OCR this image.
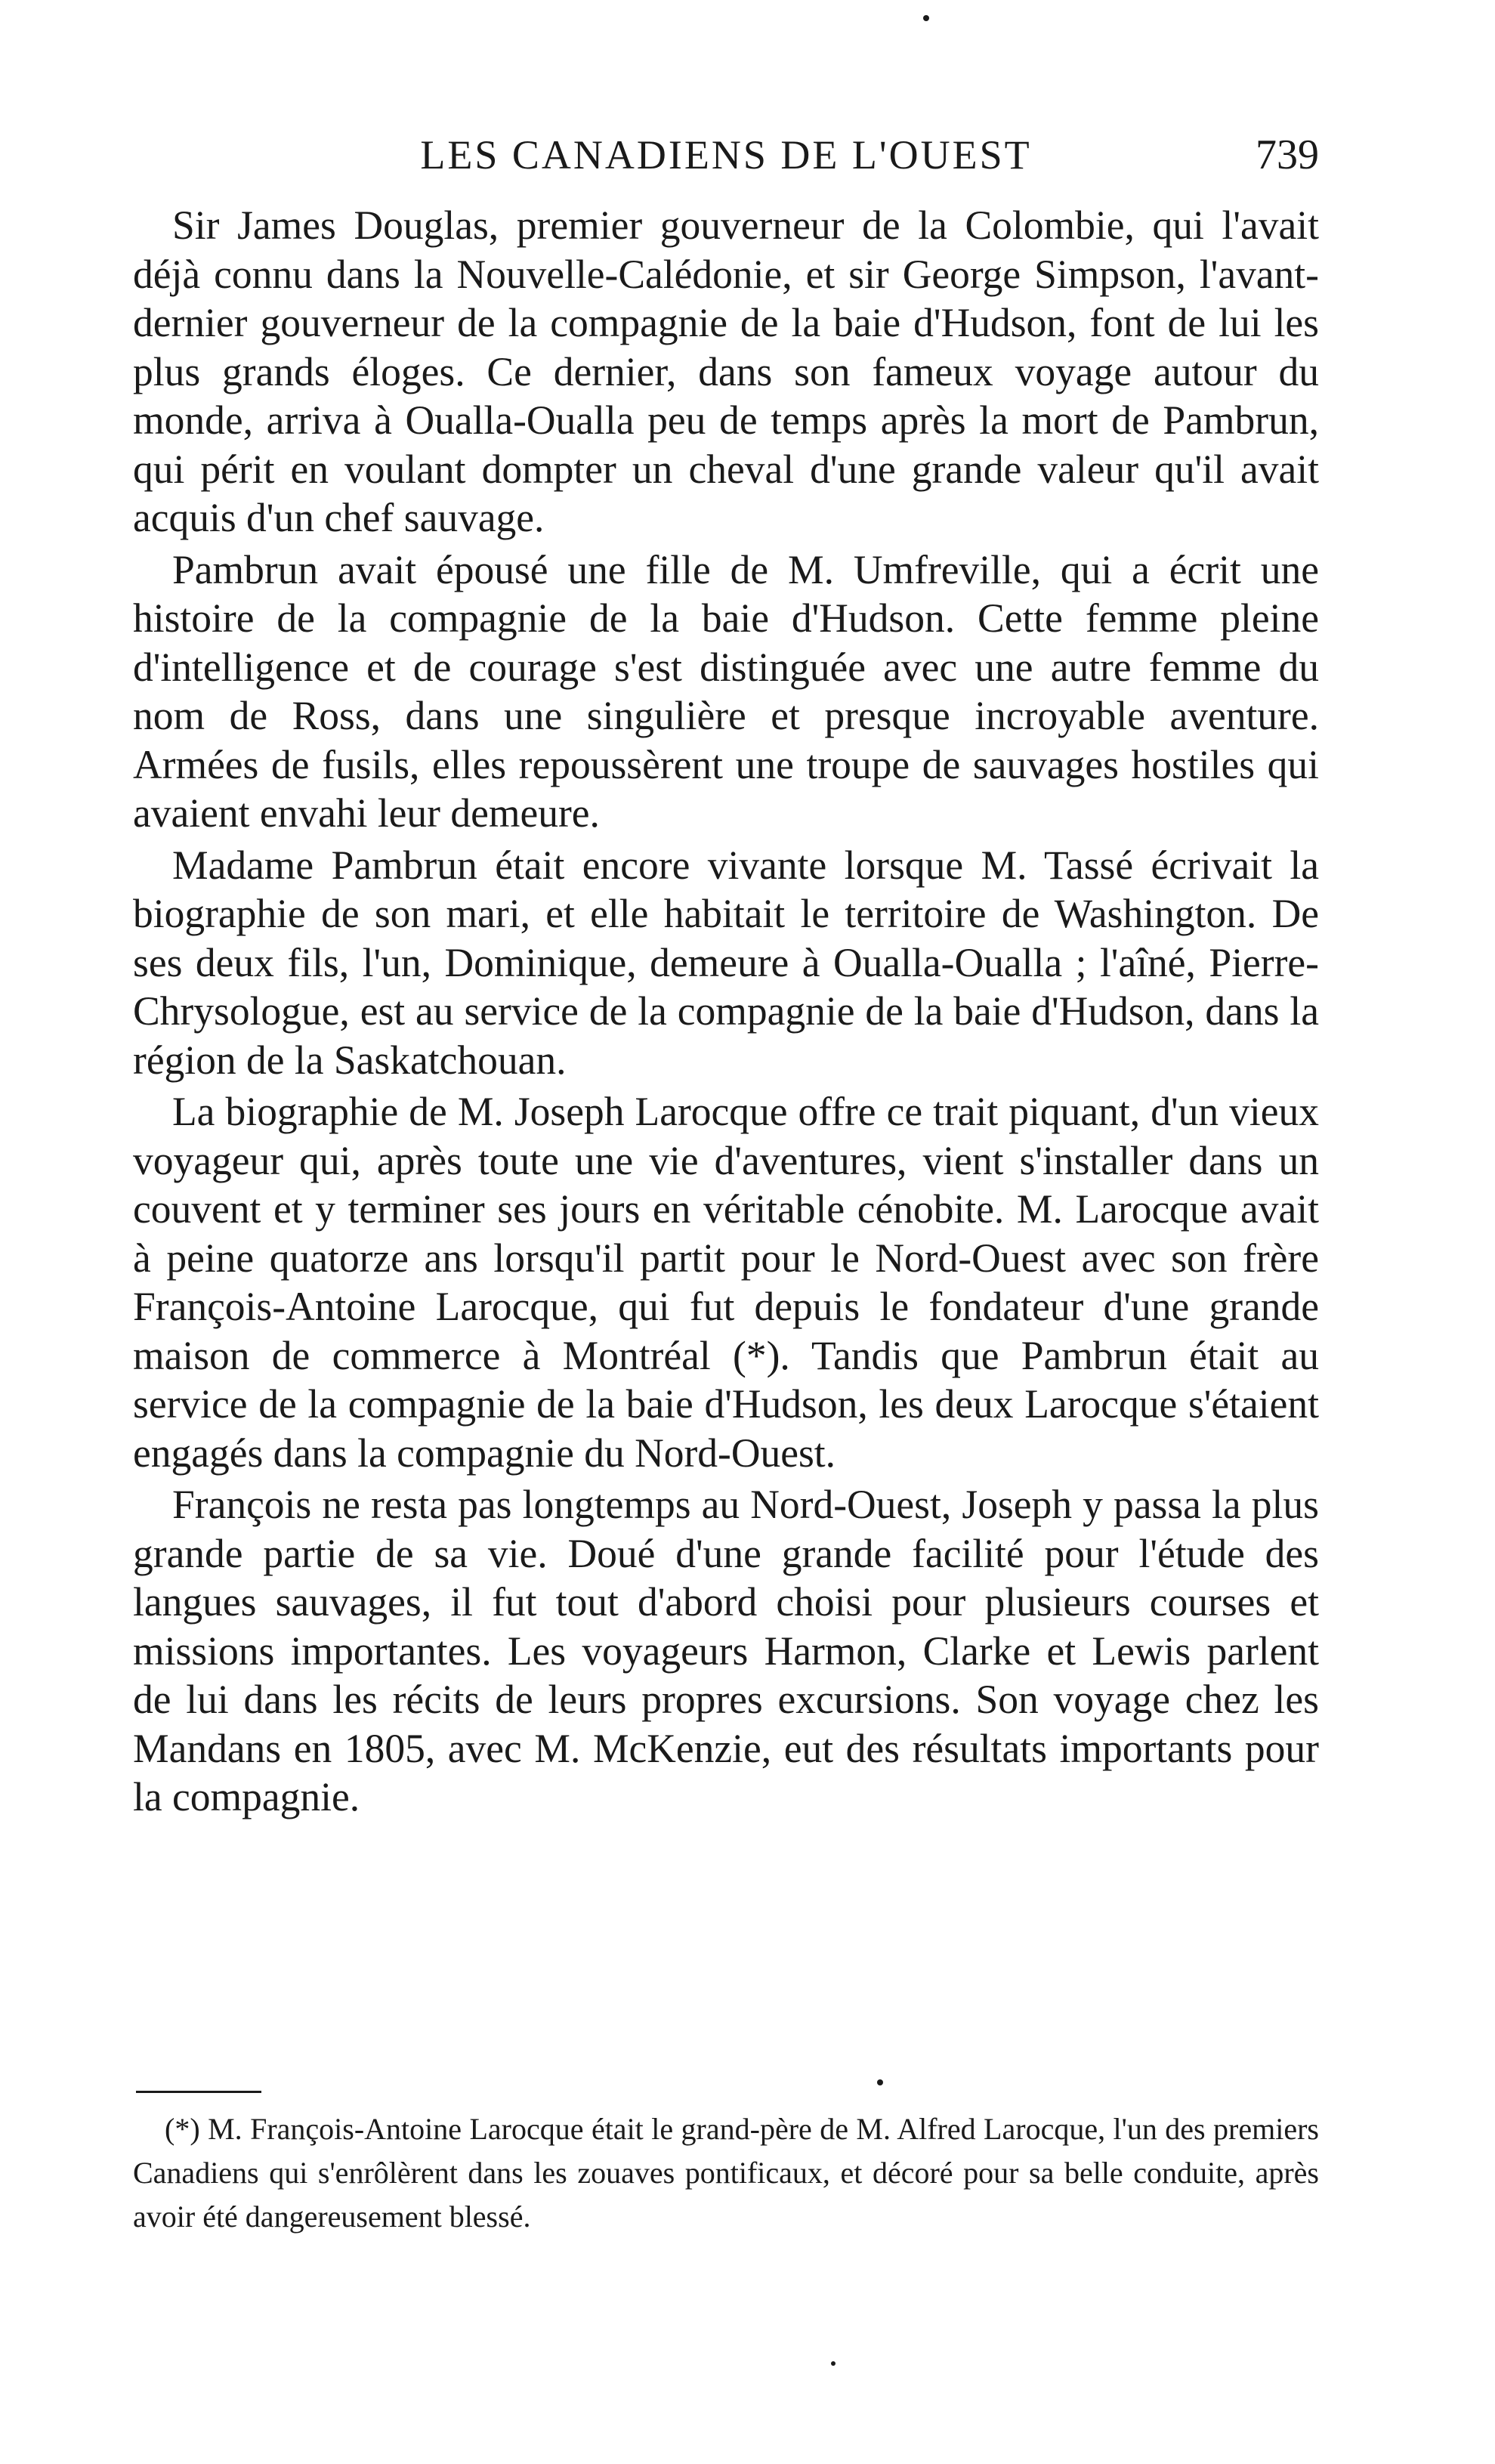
LES CANADIENS DE L'OUEST	739

Sir James Douglas, premier gouverneur de la Colombie, qui l'avait déjà connu dans la Nouvelle-Calédonie, et sir George Simpson, l'avant-dernier gouverneur de la compagnie de la baie d'Hudson, font de lui les plus grands éloges. Ce dernier, dans son fameux voyage autour du monde, arriva à Oualla-Oualla peu de temps après la mort de Pambrun, qui périt en voulant dompter un cheval d'une grande valeur qu'il avait acquis d'un chef sauvage.

Pambrun avait épousé une fille de M. Umfreville, qui a écrit une histoire de la compagnie de la baie d'Hudson. Cette femme pleine d'intelligence et de courage s'est distinguée avec une autre femme du nom de Ross, dans une singulière et presque incroyable aventure. Armées de fusils, elles repoussèrent une troupe de sauvages hostiles qui avaient envahi leur demeure.

Madame Pambrun était encore vivante lorsque M. Tassé écrivait la biographie de son mari, et elle habitait le territoire de Washington. De ses deux fils, l'un, Dominique, demeure à Oualla-Oualla ; l'aîné, Pierre-Chrysologue, est au service de la compagnie de la baie d'Hudson, dans la région de la Saskatchouan.

La biographie de M. Joseph Larocque offre ce trait piquant, d'un vieux voyageur qui, après toute une vie d'aventures, vient s'installer dans un couvent et y terminer ses jours en véritable cénobite. M. Larocque avait à peine quatorze ans lorsqu'il partit pour le Nord-Ouest avec son frère François-Antoine Larocque, qui fut depuis le fondateur d'une grande maison de commerce à Montréal (*). Tandis que Pambrun était au service de la compagnie de la baie d'Hudson, les deux Larocque s'étaient engagés dans la compagnie du Nord-Ouest.

François ne resta pas longtemps au Nord-Ouest, Joseph y passa la plus grande partie de sa vie. Doué d'une grande facilité pour l'étude des langues sauvages, il fut tout d'abord choisi pour plusieurs courses et missions importantes. Les voyageurs Harmon, Clarke et Lewis parlent de lui dans les récits de leurs propres excursions. Son voyage chez les Mandans en 1805, avec M. McKenzie, eut des résultats importants pour la compagnie.

(*) M. François-Antoine Larocque était le grand-père de M. Alfred Larocque, l'un des premiers Canadiens qui s'enrôlèrent dans les zouaves pontificaux, et décoré pour sa belle conduite, après avoir été dangereusement blessé.
